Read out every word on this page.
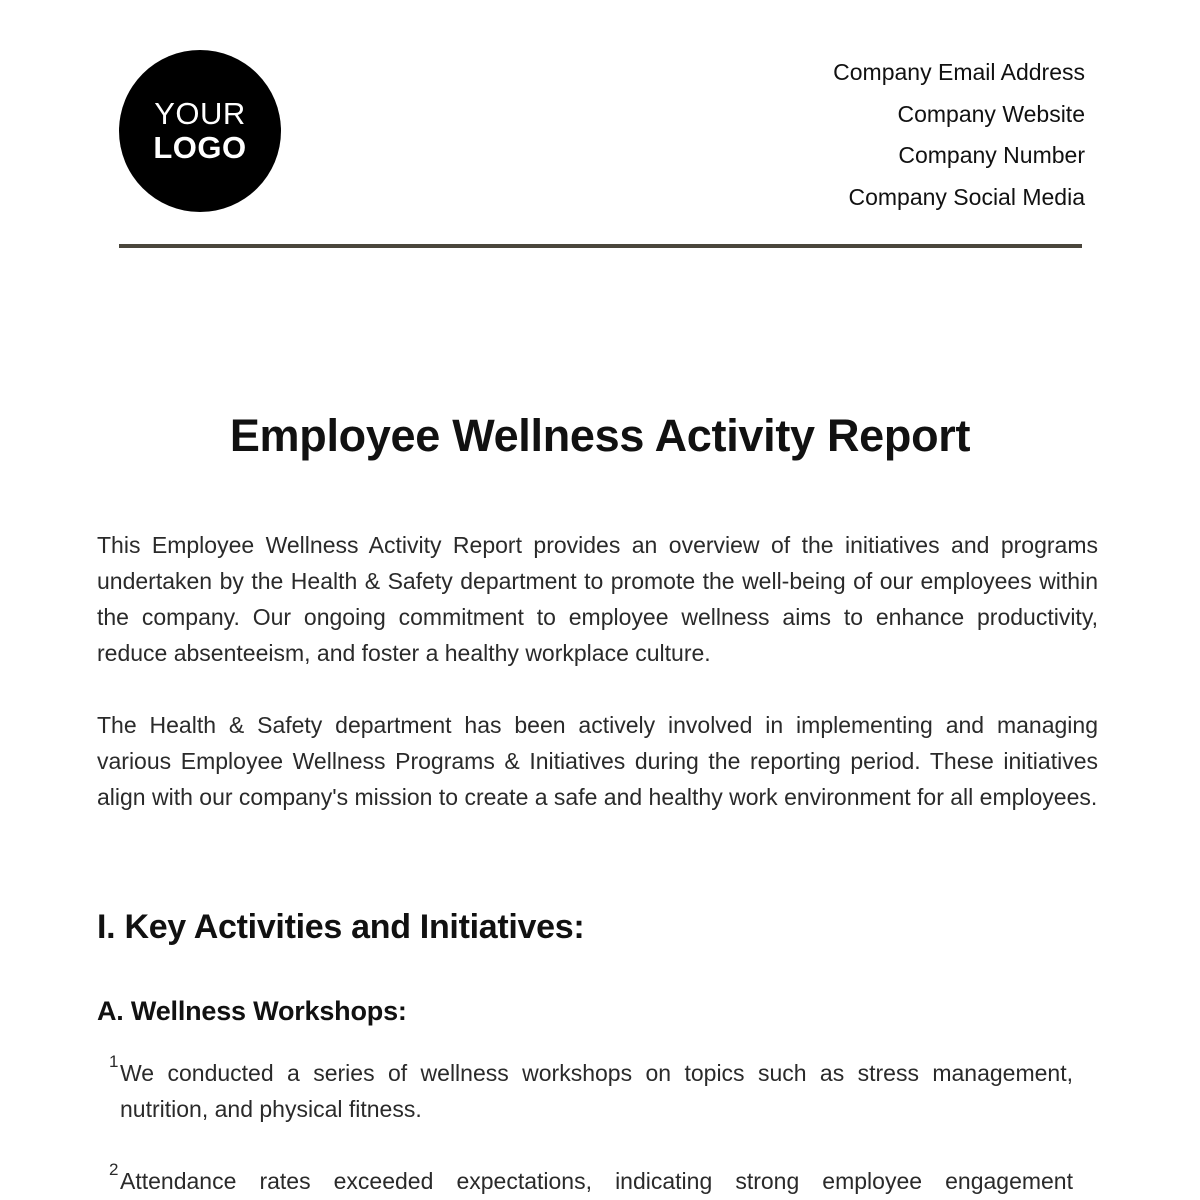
YOUR
LOGO
Company Email Address
Company Website
Company Number
Company Social Media
Employee Wellness Activity Report

This Employee Wellness Activity Report provides an overview of the initiatives and programs undertaken by the Health & Safety department to promote the well-being of our employees within the company. Our ongoing commitment to employee wellness aims to enhance productivity, reduce absenteeism, and foster a healthy workplace culture.

The Health & Safety department has been actively involved in implementing and managing various Employee Wellness Programs & Initiatives during the reporting period. These initiatives align with our company's mission to create a safe and healthy work environment for all employees.

I. Key Activities and Initiatives:
A. Wellness Workshops:
1 We conducted a series of wellness workshops on topics such as stress management, nutrition, and physical fitness.
2 Attendance rates exceeded expectations, indicating strong employee engagement
